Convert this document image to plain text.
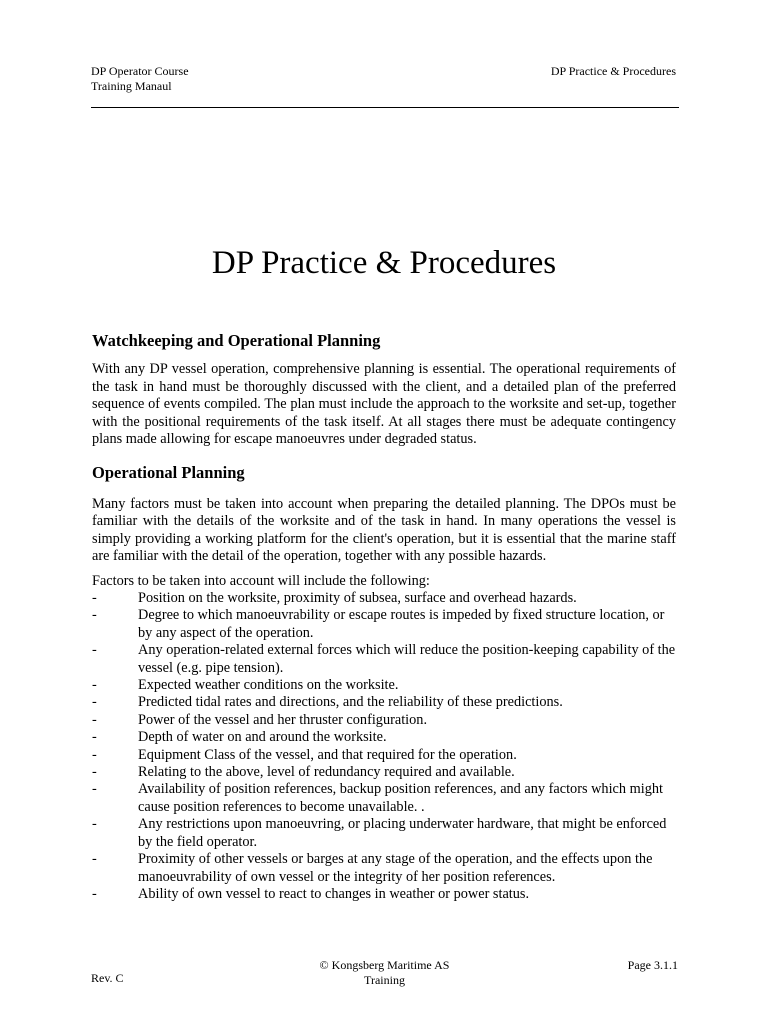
DP Operator Course
Training Manaul
DP Practice & Procedures
DP Practice & Procedures
Watchkeeping and Operational Planning

With any DP vessel operation, comprehensive planning is essential. The operational requirements of the task in hand must be thoroughly discussed with the client, and a detailed plan of the preferred sequence of events compiled. The plan must include the approach to the worksite and set-up, together with the positional requirements of the task itself. At all stages there must be adequate contingency plans made allowing for escape manoeuvres under degraded status.

Operational Planning

Many factors must be taken into account when preparing the detailed planning. The DPOs must be familiar with the details of the worksite and of the task in hand. In many operations the vessel is simply providing a working platform for the client's operation, but it is essential that the marine staff are familiar with the detail of the operation, together with any possible hazards.

Factors to be taken into account will include the following:

-	Position on the worksite, proximity of subsea, surface and overhead hazards.
-	Degree to which manoeuvrability or escape routes is impeded by fixed structure location, or by any aspect of the operation.
-	Any operation-related external forces which will reduce the position-keeping capability of the vessel (e.g. pipe tension).
-	Expected weather conditions on the worksite.
-	Predicted tidal rates and directions, and the reliability of these predictions.
-	Power of the vessel and her thruster configuration.
-	Depth of water on and around the worksite.
-	Equipment Class of the vessel, and that required for the operation.
-	Relating to the above, level of redundancy required and available.
-	Availability of position references, backup position references, and any factors which might cause position references to become unavailable. .
-	Any restrictions upon manoeuvring, or placing underwater hardware, that might be enforced by the field operator.
-	Proximity of other vessels or barges at any stage of the operation, and the effects upon the manoeuvrability of own vessel or the integrity of her position references.
-	Ability of own vessel to react to changes in weather or power status.
© Kongsberg Maritime AS
Training
Rev. C
Page 3.1.1
